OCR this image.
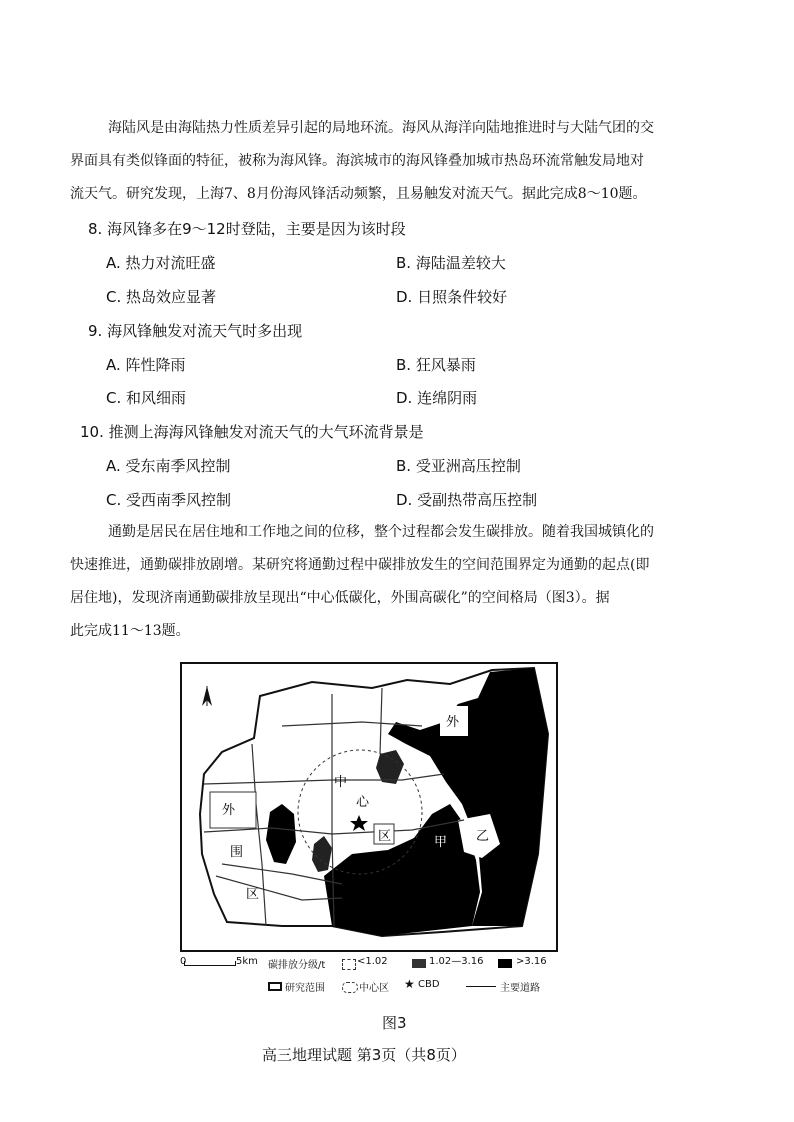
海陆风是由海陆热力性质差异引起的局地环流。海风从海洋向陆地推进时与大陆气团的交
界面具有类似锋面的特征，被称为海风锋。海滨城市的海风锋叠加城市热岛环流常触发局地对
流天气。研究发现，上海7、8月份海风锋活动频繁，且易触发对流天气。据此完成8～10题。
8. 海风锋多在9～12时登陆，主要是因为该时段
A. 热力对流旺盛	B. 海陆温差较大
C. 热岛效应显著	D. 日照条件较好
9. 海风锋触发对流天气时多出现
A. 阵性降雨	B. 狂风暴雨
C. 和风细雨	D. 连绵阴雨
10. 推测上海海风锋触发对流天气的大气环流背景是
A. 受东南季风控制	B. 受亚洲高压控制
C. 受西南季风控制	D. 受副热带高压控制
通勤是居民在居住地和工作地之间的位移，整个过程都会发生碳排放。随着我国城镇化的
快速推进，通勤碳排放剧增。某研究将通勤过程中碳排放发生的空间范围界定为通勤的起点(即
居住地)，发现济南通勤碳排放呈现出“中心低碳化，外围高碳化”的空间格局（图3）。据
此完成11～13题。
外
外
围
区
中
心
区	甲 乙
0	5km 碳排放分级/t	<1.02	1.02—3.16	>3.16
研究范围	中心区 ★ CBD	主要道路
图3
高三地理试题 第3页（共8页）
